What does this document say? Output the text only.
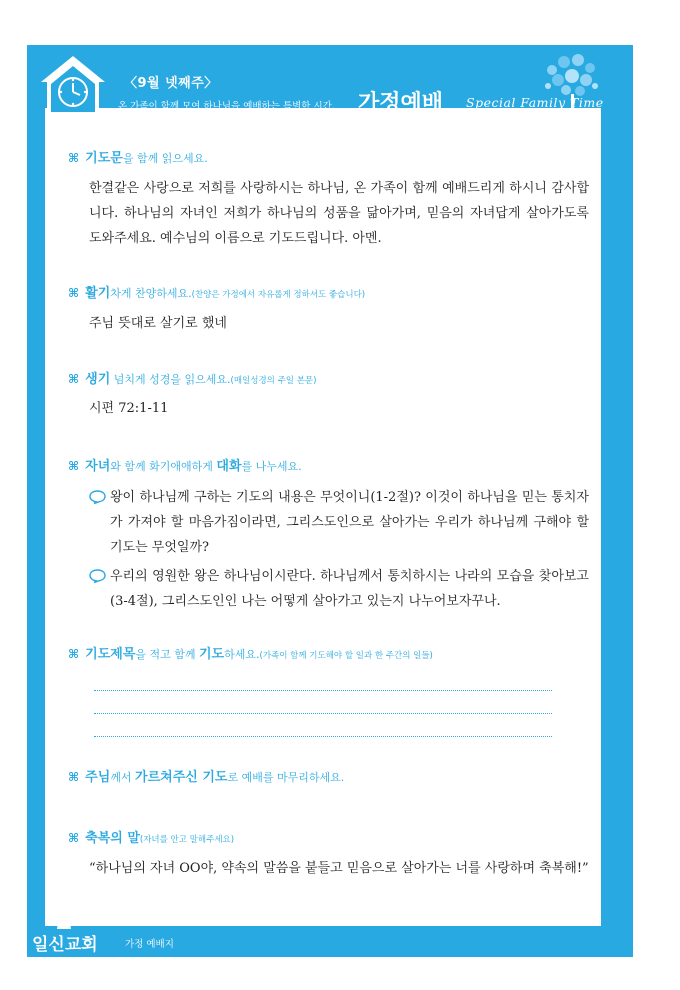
〈9월 넷째주〉
온 가족이 함께 모여 하나님을 예배하는 특별한 시간. 가정예배 Special Family Time
⌘ 기도문을 함께 읽으세요.
한결같은 사랑으로 저희를 사랑하시는 하나님, 온 가족이 함께 예배드리게 하시니 감사합니다. 하나님의 자녀인 저희가 하나님의 성품을 닮아가며, 믿음의 자녀답게 살아가도록 도와주세요. 예수님의 이름으로 기도드립니다. 아멘.
⌘ 활기차게 찬양하세요.(찬양은 가정에서 자유롭게 정하셔도 좋습니다)
주님 뜻대로 살기로 했네
⌘ 생기 넘치게 성경을 읽으세요.(매일성경의 주일 본문)
시편 72:1-11
⌘ 자녀와 함께 화기애애하게 대화를 나누세요.
왕이 하나님께 구하는 기도의 내용은 무엇이니(1-2절)? 이것이 하나님을 믿는 통치자가 가져야 할 마음가짐이라면, 그리스도인으로 살아가는 우리가 하나님께 구해야 할 기도는 무엇일까?
우리의 영원한 왕은 하나님이시란다. 하나님께서 통치하시는 나라의 모습을 찾아보고(3-4절), 그리스도인인 나는 어떻게 살아가고 있는지 나누어보자꾸나.
⌘ 기도제목을 적고 함께 기도하세요.(가족이 함께 기도해야 할 일과 한 주간의 일들)
⌘ 주님께서 가르쳐주신 기도로 예배를 마무리하세요.
⌘ 축복의 말(자녀를 안고 말해주세요)
“하나님의 자녀 OO야, 약속의 말씀을 붙들고 믿음으로 살아가는 너를 사랑하며 축복해!”
일신교회	가정 예배지
